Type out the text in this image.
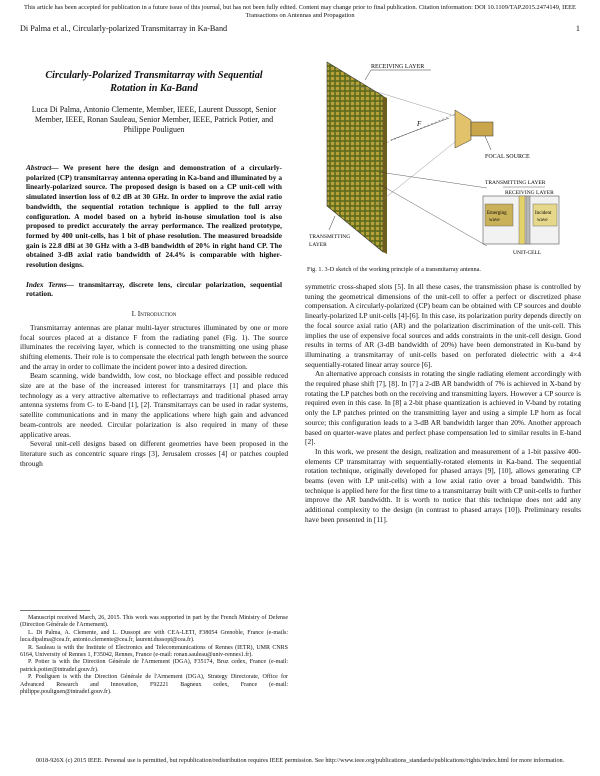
This article has been accepted for publication in a future issue of this journal, but has not been fully edited. Content may change prior to final publication. Citation information: DOI 10.1109/TAP.2015.2474149, IEEE Transactions on Antennas and Propagation
Di Palma et al., Circularly-polarized Transmitarray in Ka-Band	1
Circularly-Polarized Transmitarray with Sequential Rotation in Ka-Band
Luca Di Palma, Antonio Clemente, Member, IEEE, Laurent Dussopt, Senior Member, IEEE, Ronan Sauleau, Senior Member, IEEE, Patrick Potier, and Philippe Pouliguen
Abstract— We present here the design and demonstration of a circularly-polarized (CP) transmitarray antenna operating in Ka-band and illuminated by a linearly-polarized source. The proposed design is based on a CP unit-cell with simulated insertion loss of 0.2 dB at 30 GHz. In order to improve the axial ratio bandwidth, the sequential rotation technique is applied to the full array configuration. A model based on a hybrid in-house simulation tool is also proposed to predict accurately the array performance. The realized prototype, formed by 400 unit-cells, has 1 bit of phase resolution. The measured broadside gain is 22.8 dBi at 30 GHz with a 3-dB bandwidth of 20% in right hand CP. The obtained 3-dB axial ratio bandwidth of 24.4% is comparable with higher-resolution designs.
Index Terms— transmitarray, discrete lens, circular polarization, sequential rotation.
I. Introduction

Transmitarray antennas are planar multi-layer structures illuminated by one or more focal sources placed at a distance F from the radiating panel (Fig. 1). The source illuminates the receiving layer, which is connected to the transmitting one using phase shifting elements. Their role is to compensate the electrical path length between the source and the array in order to collimate the incident power into a desired direction.

Beam scanning, wide bandwidth, low cost, no blockage effect and possible reduced size are at the base of the increased interest for transmitarrays [1] and place this technology as a very attractive alternative to reflectarrays and traditional phased array antenna systems from C- to E-band [1], [2]. Transmitarrays can be used in radar systems, satellite communications and in many the applications where high gain and advanced beam-controls are needed. Circular polarization is also required in many of these applicative areas.

Several unit-cell designs based on different geometries have been proposed in the literature such as concentric square rings [3], Jerusalem crosses [4] or patches coupled through

Manuscript received March, 26, 2015. This work was supported in part by the French Ministry of Defense (Direction Générale de l'Armement).

L. Di Palma, A. Clemente, and L. Dussopt are with CEA-LETI, F38054 Grenoble, France (e-mails: luca.dipalma@cea.fr, antonio.clemente@cea.fr, laurent.dussopt@cea.fr).

R. Sauleau is with the Institute of Electronics and Telecommunications of Rennes (IETR), UMR CNRS 6164, University of Rennes 1, F35042, Rennes, France (e-mail: ronan.sauleau@univ-rennes1.fr).

P. Potier is with the Direction Générale de l'Armement (DGA), F35174, Bruz cedex, France (e-mail: patrick.potier@intradef.gouv.fr).

P. Pouliguen is with the Direction Générale de l'Armement (DGA), Strategy Directorate, Office for Advanced Research and Innovation, F92221 Bagneux cedex, France (e-mail: philippe.pouliguen@intradef.gouv.fr).

RECEIVING LAYER
F
FOCAL SOURCE
TRANSMITTING LAYER
RECEIVING LAYER
Emerging
wave
Incident
wave
UNIT-CELL
TRANSMITTING
LAYER
Fig. 1. 3-D sketch of the working principle of a transmitarray antenna.

symmetric cross-shaped slots [5]. In all these cases, the transmission phase is controlled by tuning the geometrical dimensions of the unit-cell to offer a perfect or discretized phase compensation. A circularly-polarized (CP) beam can be obtained with CP sources and double linearly-polarized LP unit-cells [4]-[6]. In this case, its polarization purity depends directly on the focal source axial ratio (AR) and the polarization discrimination of the unit-cell. This implies the use of expensive focal sources and adds constraints in the unit-cell design. Good results in terms of AR (3-dB bandwidth of 20%) have been demonstrated in Ku-band by illuminating a transmitarray of unit-cells based on perforated dielectric with a 4×4 sequentially-rotated linear array source [6].

An alternative approach consists in rotating the single radiating element accordingly with the required phase shift [7], [8]. In [7] a 2-dB AR bandwidth of 7% is achieved in X-band by rotating the LP patches both on the receiving and transmitting layers. However a CP source is required even in this case. In [8] a 2-bit phase quantization is achieved in V-band by rotating only the LP patches printed on the transmitting layer and using a simple LP horn as focal source; this configuration leads to a 3-dB AR bandwidth larger than 20%. Another approach based on quarter-wave plates and perfect phase compensation led to similar results in E-band [2].

In this work, we present the design, realization and measurement of a 1-bit passive 400-elements CP transmitarray with sequentially-rotated elements in Ka-band. The sequential rotation technique, originally developed for phased arrays [9], [10], allows generating CP beams (even with LP unit-cells) with a low axial ratio over a broad bandwidth. This technique is applied here for the first time to a transmitarray built with CP unit-cells to further improve the AR bandwidth. It is worth to notice that this technique does not add any additional complexity to the design (in contrast to phased arrays [10]). Preliminary results have been presented in [11].

0018-926X (c) 2015 IEEE. Personal use is permitted, but republication/redistribution requires IEEE permission. See http://www.ieee.org/publications_standards/publications/rights/index.html for more information.
